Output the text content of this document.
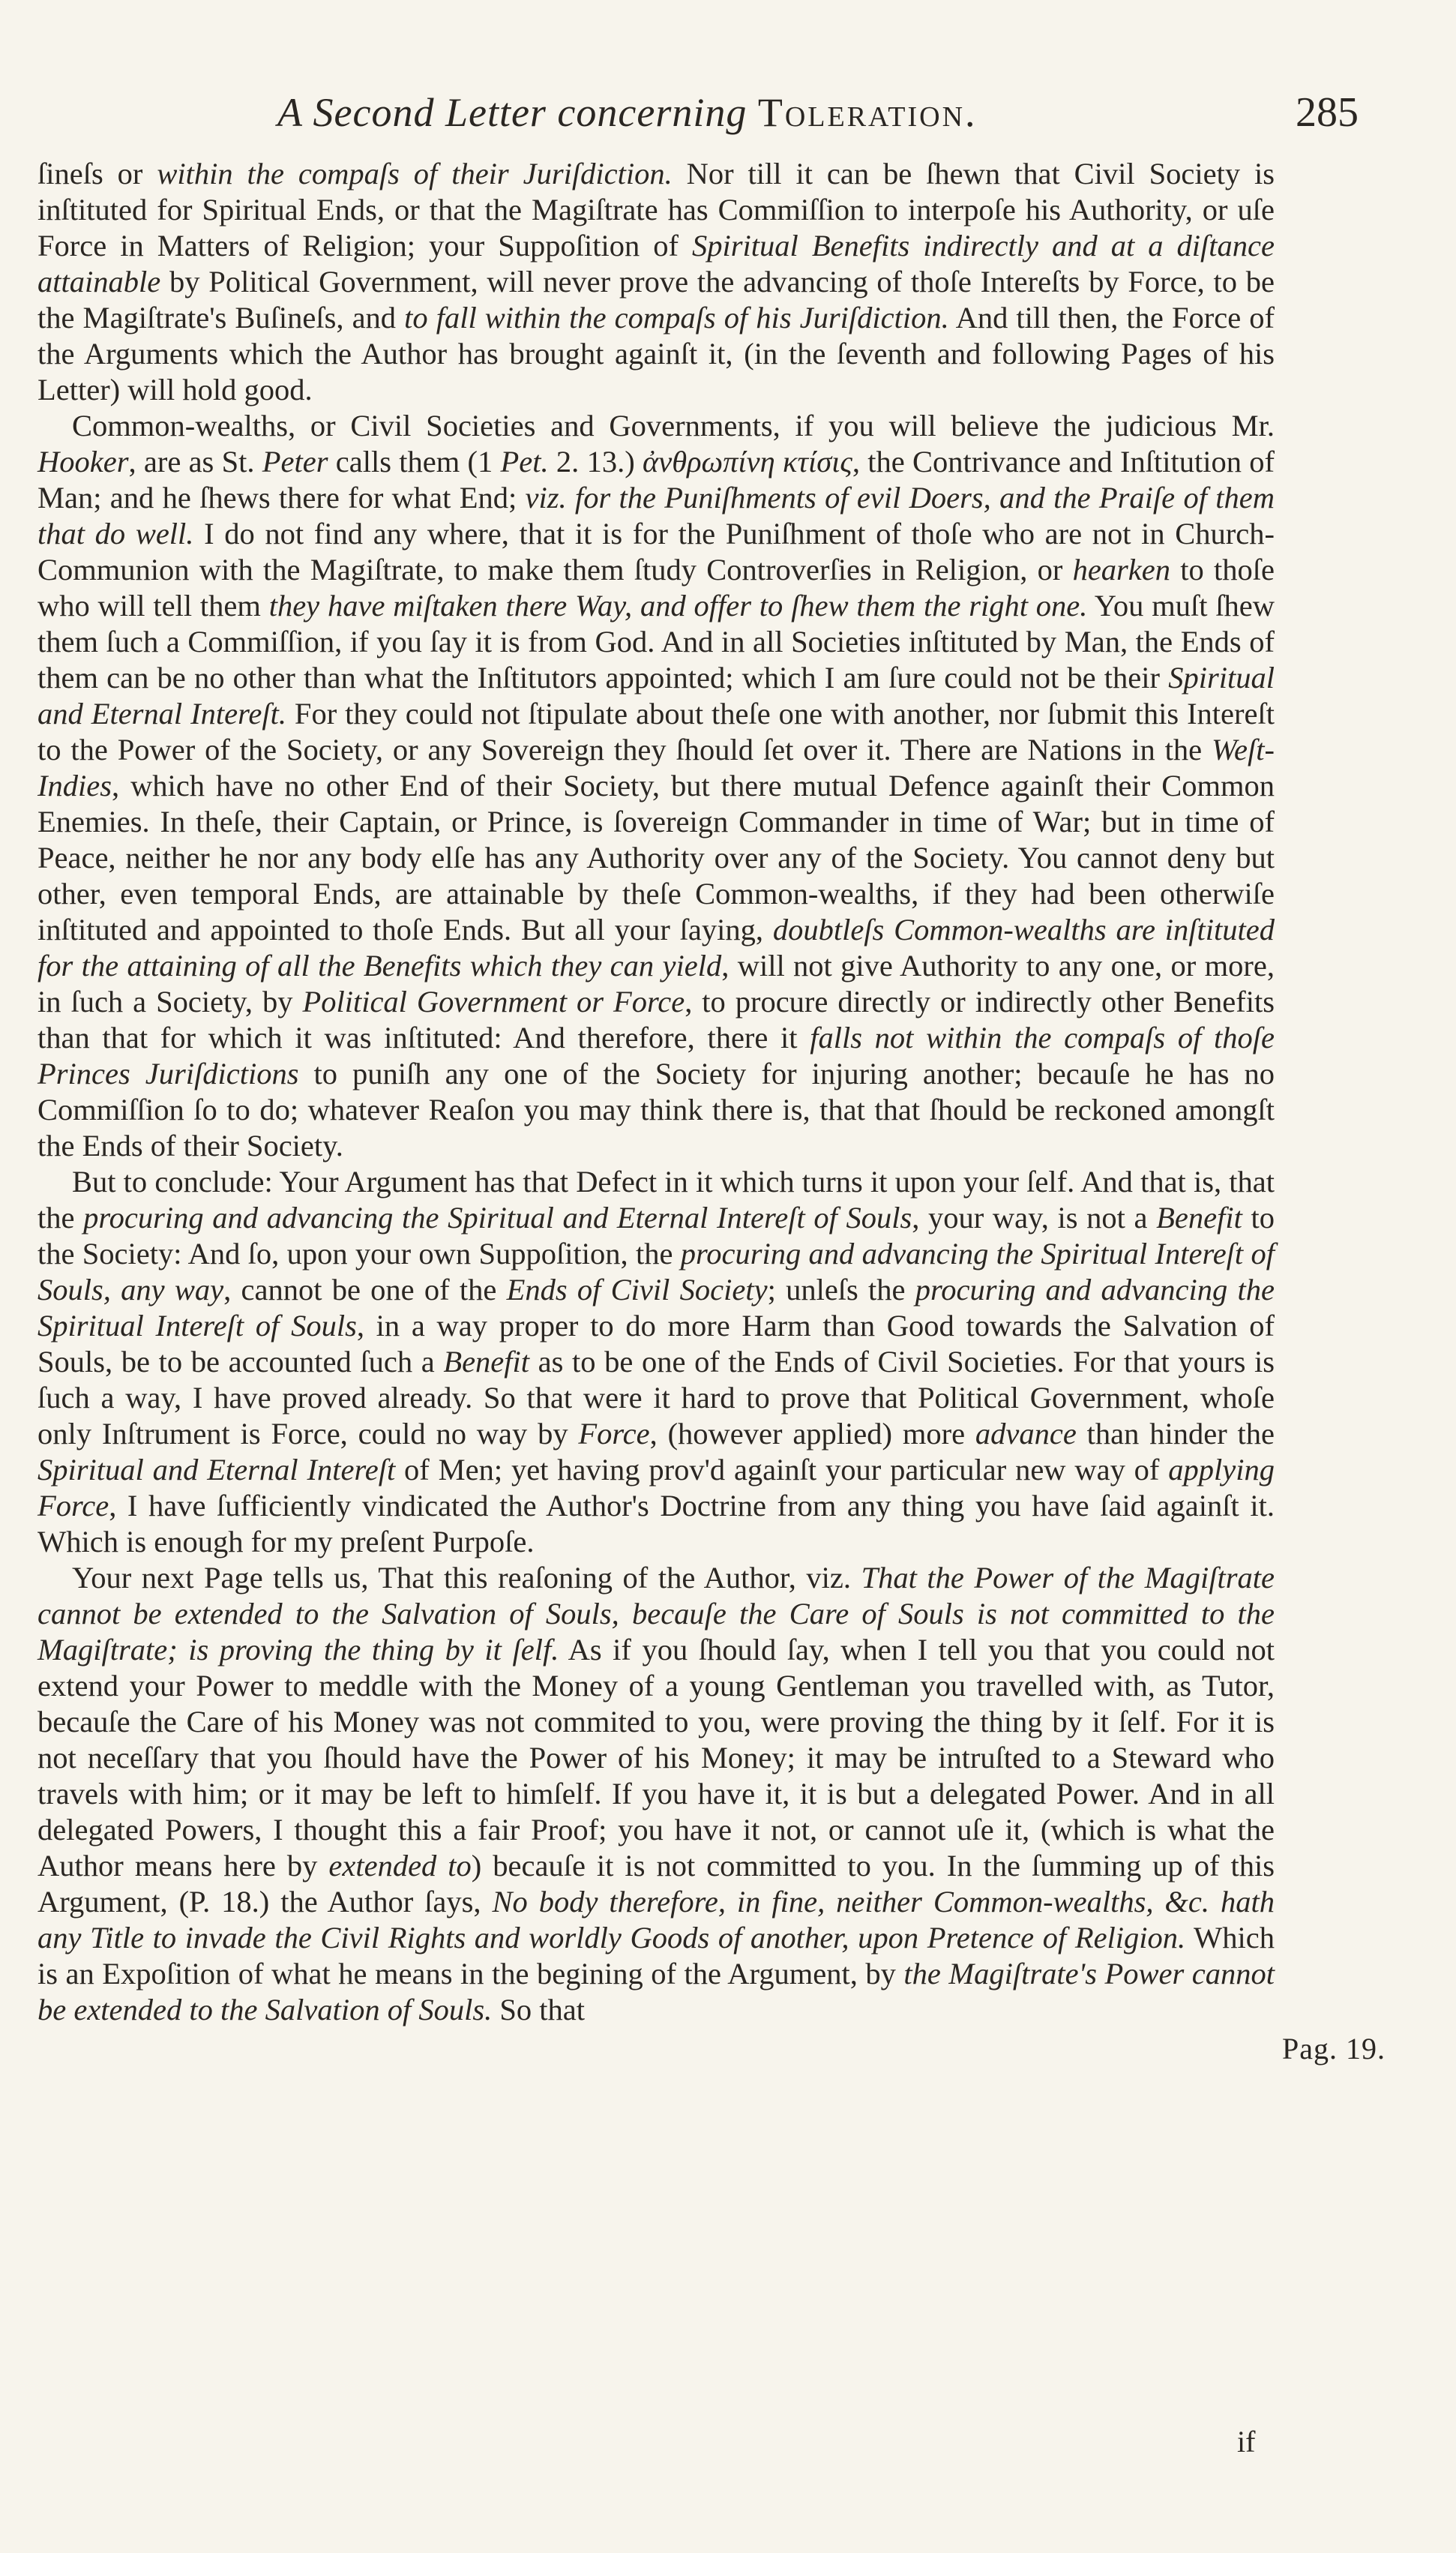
A Second Letter concerning Toleration.	285

ſineſs or within the compaſs of their Juriſdiction. Nor till it can be ſhewn that Civil Society is inſtituted for Spiritual Ends, or that the Magiſtrate has Commiſſion to interpoſe his Authority, or uſe Force in Matters of Religion; your Suppoſition of Spiritual Benefits indirectly and at a diſtance attainable by Political Government, will never prove the advancing of thoſe Intereſts by Force, to be the Magiſtrate's Buſineſs, and to fall within the compaſs of his Juriſdiction. And till then, the Force of the Arguments which the Author has brought againſt it, (in the ſeventh and following Pages of his Letter) will hold good.

Common-wealths, or Civil Societies and Governments, if you will believe the judicious Mr. Hooker, are as St. Peter calls them (1 Pet. 2. 13.) ἀνθρωπίνη κτίσις, the Contrivance and Inſtitution of Man; and he ſhews there for what End; viz. for the Puniſhments of evil Doers, and the Praiſe of them that do well. I do not find any where, that it is for the Puniſhment of thoſe who are not in Church-Communion with the Magiſtrate, to make them ſtudy Controverſies in Religion, or hearken to thoſe who will tell them they have miſtaken there Way, and offer to ſhew them the right one. You muſt ſhew them ſuch a Commiſſion, if you ſay it is from God. And in all Societies inſtituted by Man, the Ends of them can be no other than what the Inſtitutors appointed; which I am ſure could not be their Spiritual and Eternal Intereſt. For they could not ſtipulate about theſe one with another, nor ſubmit this Intereſt to the Power of the Society, or any Sovereign they ſhould ſet over it. There are Nations in the Weſt-Indies, which have no other End of their Society, but there mutual Defence againſt their Common Enemies. In theſe, their Captain, or Prince, is ſovereign Commander in time of War; but in time of Peace, neither he nor any body elſe has any Authority over any of the Society. You cannot deny but other, even temporal Ends, are attainable by theſe Common-wealths, if they had been otherwiſe inſtituted and appointed to thoſe Ends. But all your ſaying, doubtleſs Common-wealths are inſtituted for the attaining of all the Benefits which they can yield, will not give Authority to any one, or more, in ſuch a Society, by Political Government or Force, to procure directly or indirectly other Benefits than that for which it was inſtituted: And therefore, there it falls not within the compaſs of thoſe Princes Juriſdictions to puniſh any one of the Society for injuring another; becauſe he has no Commiſſion ſo to do; whatever Reaſon you may think there is, that that ſhould be reckoned amongſt the Ends of their Society.

But to conclude: Your Argument has that Defect in it which turns it upon your ſelf. And that is, that the procuring and advancing the Spiritual and Eternal Intereſt of Souls, your way, is not a Benefit to the Society: And ſo, upon your own Suppoſition, the procuring and advancing the Spiritual Intereſt of Souls, any way, cannot be one of the Ends of Civil Society; unleſs the procuring and advancing the Spiritual Intereſt of Souls, in a way proper to do more Harm than Good towards the Salvation of Souls, be to be accounted ſuch a Benefit as to be one of the Ends of Civil Societies. For that yours is ſuch a way, I have proved already. So that were it hard to prove that Political Government, whoſe only Inſtrument is Force, could no way by Force, (however applied) more advance than hinder the Spiritual and Eternal Intereſt of Men; yet having prov'd againſt your particular new way of applying Force, I have ſufficiently vindicated the Author's Doctrine from any thing you have ſaid againſt it. Which is enough for my preſent Purpoſe.

Your next Page tells us, That this reaſoning of the Author, viz. That the Power of the Magiſtrate cannot be extended to the Salvation of Souls, becauſe the Care of Souls is not committed to the Magiſtrate; is proving the thing by it ſelf. As if you ſhould ſay, when I tell you that you could not extend your Power to meddle with the Money of a young Gentleman you travelled with, as Tutor, becauſe the Care of his Money was not commited to you, were proving the thing by it ſelf. For it is not neceſſary that you ſhould have the Power of his Money; it may be intruſted to a Steward who travels with him; or it may be left to himſelf. If you have it, it is but a delegated Power. And in all delegated Powers, I thought this a fair Proof; you have it not, or cannot uſe it, (which is what the Author means here by extended to) becauſe it is not committed to you. In the ſumming up of this Argument, (P. 18.) the Author ſays, No body therefore, in fine, neither Common-wealths, &c. hath any Title to invade the Civil Rights and worldly Goods of another, upon Pretence of Religion. Which is an Expoſition of what he means in the begining of the Argument, by the Magiſtrate's Power cannot be extended to the Salvation of Souls. So that

Pag. 19.
if
